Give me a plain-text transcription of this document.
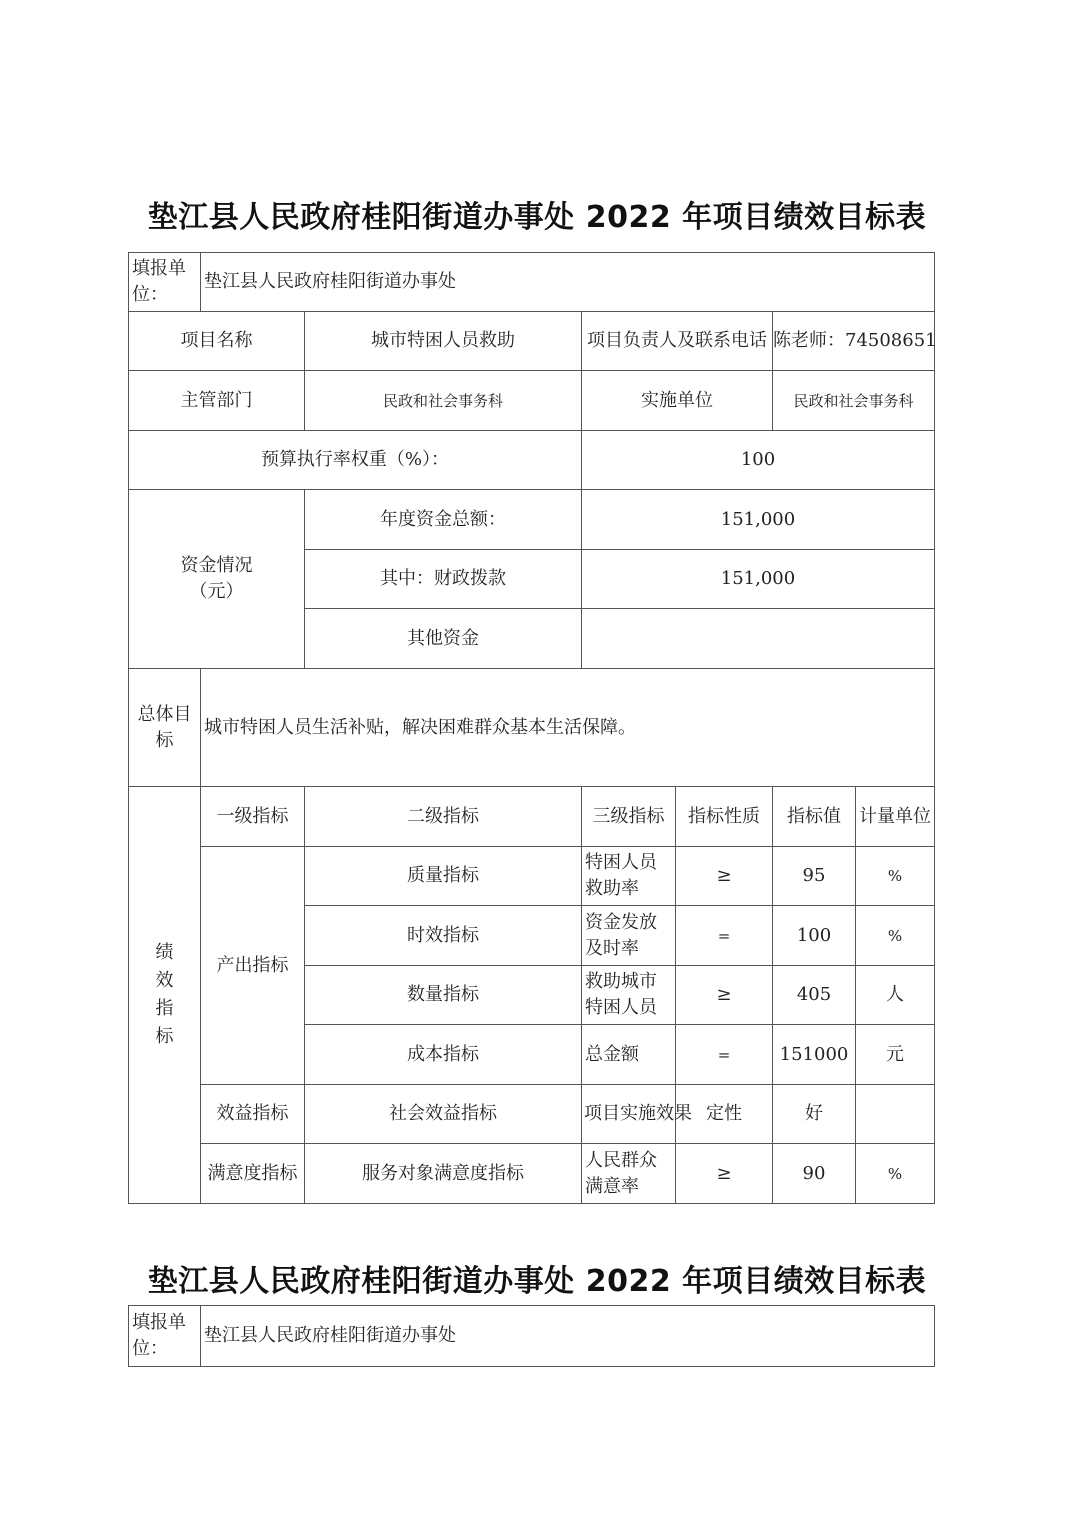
垫江县人民政府桂阳街道办事处 2022 年项目绩效目标表
填报单位：	垫江县人民政府桂阳街道办事处						
项目名称		城市特困人员救助	项目负责人及联系电话		陈老师：74508651		
主管部门		民政和社会事务科	实施单位		民政和社会事务科		
预算执行率权重（%）：			100				
资金情况（元）		年度资金总额：	151,000				
		其中：财政拨款	151,000				
		其他资金					
总体目标	城市特困人员生活补贴，解决困难群众基本生活保障。						

绩效指标	一级指标	二级指标	三级指标	指标性质	指标值	计量单位	
	产出指标	质量指标	特困人员救助率	≥	95	%	
		时效指标	资金发放及时率	=	100	%	
		数量指标	救助城市特困人员	≥	405	人	
		成本指标	总金额	=	151000	元	
	效益指标	社会效益指标	项目实施效果	定性	好		
	满意度指标	服务对象满意度指标	人民群众满意率	≥	90	%	
垫江县人民政府桂阳街道办事处 2022 年项目绩效目标表
填报单位：	垫江县人民政府桂阳街道办事处
